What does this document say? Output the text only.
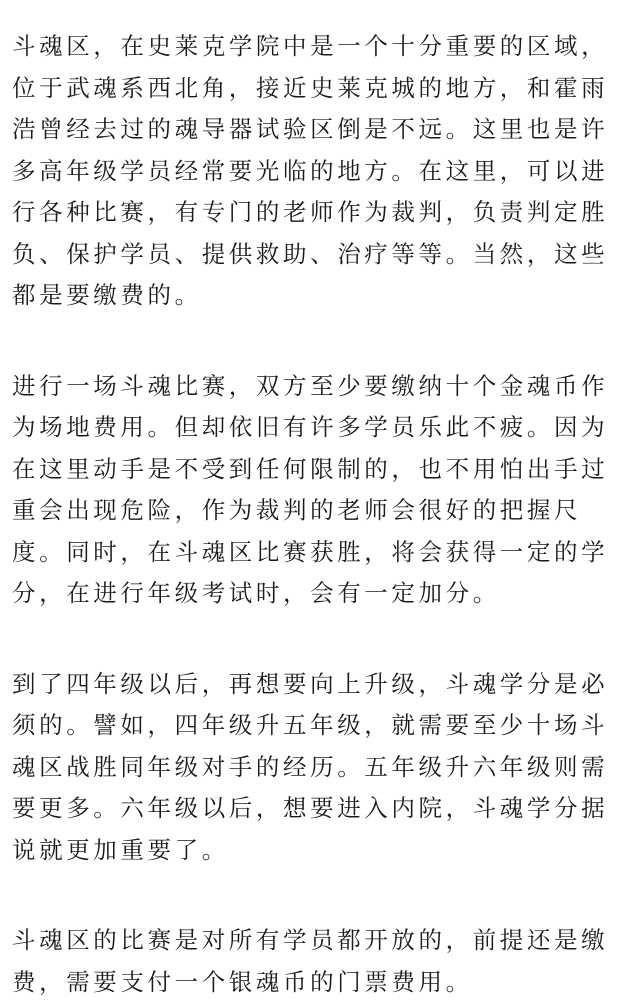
斗魂区，在史莱克学院中是一个十分重要的区域，位于武魂系西北角，接近史莱克城的地方，和霍雨浩曾经去过的魂导器试验区倒是不远。这里也是许多高年级学员经常要光临的地方。在这里，可以进行各种比赛，有专门的老师作为裁判，负责判定胜负、保护学员、提供救助、治疗等等。当然，这些都是要缴费的。

进行一场斗魂比赛，双方至少要缴纳十个金魂币作为场地费用。但却依旧有许多学员乐此不疲。因为在这里动手是不受到任何限制的，也不用怕出手过重会出现危险，作为裁判的老师会很好的把握尺度。同时，在斗魂区比赛获胜，将会获得一定的学分，在进行年级考试时，会有一定加分。

到了四年级以后，再想要向上升级，斗魂学分是必须的。譬如，四年级升五年级，就需要至少十场斗魂区战胜同年级对手的经历。五年级升六年级则需要更多。六年级以后，想要进入内院，斗魂学分据说就更加重要了。

斗魂区的比赛是对所有学员都开放的，前提还是缴费，需要支付一个银魂币的门票费用。
